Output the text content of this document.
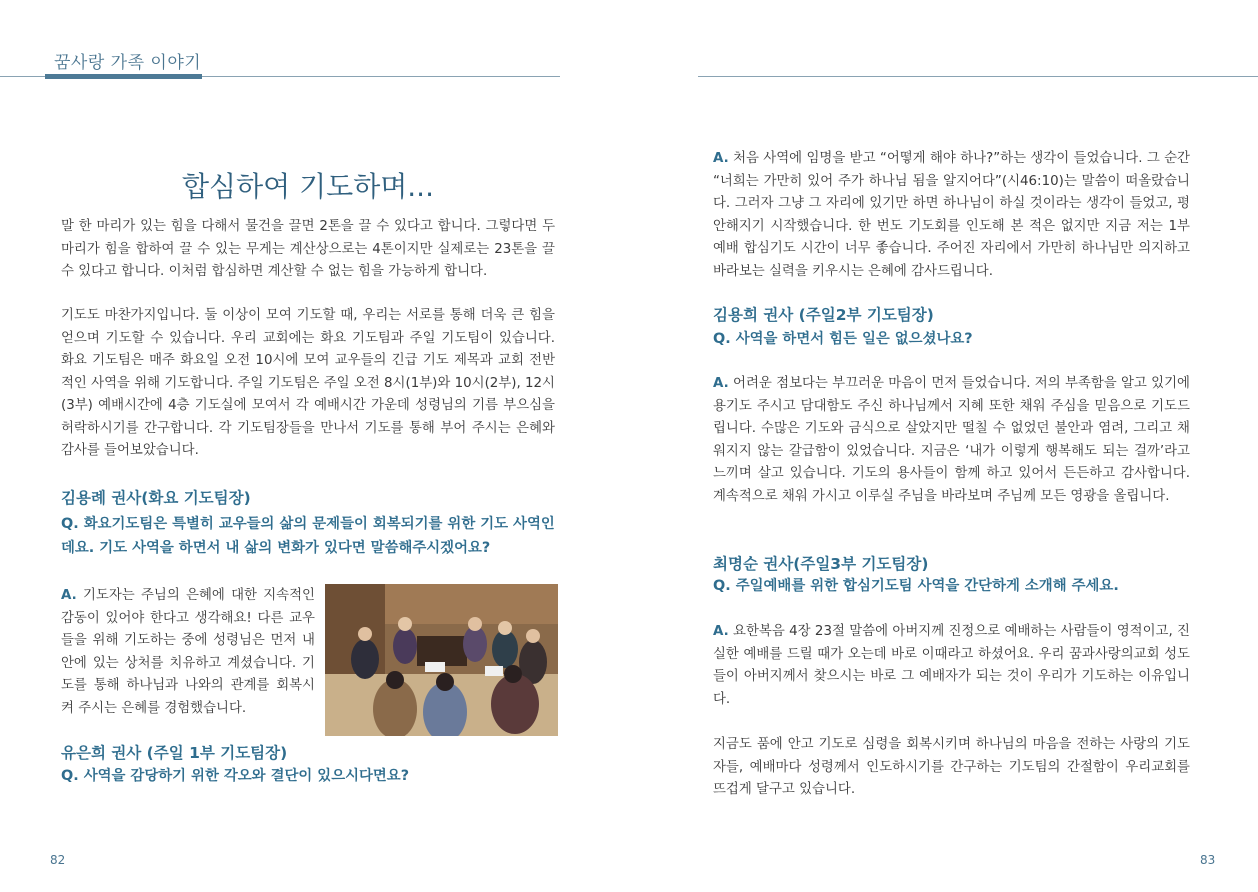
꿈사랑 가족 이야기
합심하여 기도하며...

말 한 마리가 있는 힘을 다해서 물건을 끌면 2톤을 끌 수 있다고 합니다. 그렇다면 두 마리가 힘을 합하여 끌 수 있는 무게는 계산상으로는 4톤이지만 실제로는 23톤을 끌 수 있다고 합니다. 이처럼 합심하면 계산할 수 없는 힘을 가능하게 합니다.

기도도 마찬가지입니다. 둘 이상이 모여 기도할 때, 우리는 서로를 통해 더욱 큰 힘을 얻으며 기도할 수 있습니다. 우리 교회에는 화요 기도팀과 주일 기도팀이 있습니다. 화요 기도팀은 매주 화요일 오전 10시에 모여 교우들의 긴급 기도 제목과 교회 전반적인 사역을 위해 기도합니다. 주일 기도팀은 주일 오전 8시(1부)와 10시(2부), 12시(3부) 예배시간에 4층 기도실에 모여서 각 예배시간 가운데 성령님의 기름 부으심을 허락하시기를 간구합니다. 각 기도팀장들을 만나서 기도를 통해 부어 주시는 은혜와 감사를 들어보았습니다.

김용례 권사(화요 기도팀장)

Q. 화요기도팀은 특별히 교우들의 삶의 문제들이 회복되기를 위한 기도 사역인데요. 기도 사역을 하면서 내 삶의 변화가 있다면 말씀해주시겠어요?

A. 기도자는 주님의 은혜에 대한 지속적인 감동이 있어야 한다고 생각해요! 다른 교우들을 위해 기도하는 중에 성령님은 먼저 내 안에 있는 상처를 치유하고 계셨습니다. 기도를 통해 하나님과 나와의 관계를 회복시켜 주시는 은혜를 경험했습니다.

유은희 권사 (주일 1부 기도팀장)

Q. 사역을 감당하기 위한 각오와 결단이 있으시다면요?

82

A. 처음 사역에 임명을 받고 “어떻게 해야 하나?”하는 생각이 들었습니다. 그 순간 “너희는 가만히 있어 주가 하나님 됨을 알지어다”(시46:10)는 말씀이 떠올랐습니다. 그러자 그냥 그 자리에 있기만 하면 하나님이 하실 것이라는 생각이 들었고, 평안해지기 시작했습니다. 한 번도 기도회를 인도해 본 적은 없지만 지금 저는 1부 예배 합심기도 시간이 너무 좋습니다. 주어진 자리에서 가만히 하나님만 의지하고 바라보는 실력을 키우시는 은혜에 감사드립니다.

김용희 권사 (주일2부 기도팀장)

Q. 사역을 하면서 힘든 일은 없으셨나요?

A. 어려운 점보다는 부끄러운 마음이 먼저 들었습니다. 저의 부족함을 알고 있기에 용기도 주시고 담대함도 주신 하나님께서 지혜 또한 채워 주심을 믿음으로 기도드립니다. 수많은 기도와 금식으로 살았지만 떨칠 수 없었던 불안과 염려, 그리고 채워지지 않는 갈급함이 있었습니다. 지금은 ‘내가 이렇게 행복해도 되는 걸까’라고 느끼며 살고 있습니다. 기도의 용사들이 함께 하고 있어서 든든하고 감사합니다. 계속적으로 채워 가시고 이루실 주님을 바라보며 주님께 모든 영광을 올립니다.

최명순 권사(주일3부 기도팀장)

Q. 주일예배를 위한 합심기도팀 사역을 간단하게 소개해 주세요.

A. 요한복음 4장 23절 말씀에 아버지께 진정으로 예배하는 사람들이 영적이고, 진실한 예배를 드릴 때가 오는데 바로 이때라고 하셨어요. 우리 꿈과사랑의교회 성도들이 아버지께서 찾으시는 바로 그 예배자가 되는 것이 우리가 기도하는 이유입니다.

지금도 품에 안고 기도로 심령을 회복시키며 하나님의 마음을 전하는 사랑의 기도자들, 예배마다 성령께서 인도하시기를 간구하는 기도팀의 간절함이 우리교회를 뜨겁게 달구고 있습니다.

83
